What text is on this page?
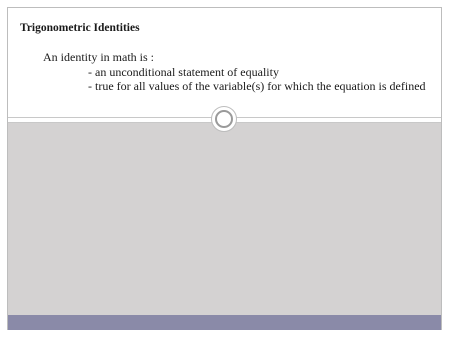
Trigonometric Identities
An identity in math is :
- an unconditional statement of equality
- true for all values of the variable(s) for which the equation is defined
